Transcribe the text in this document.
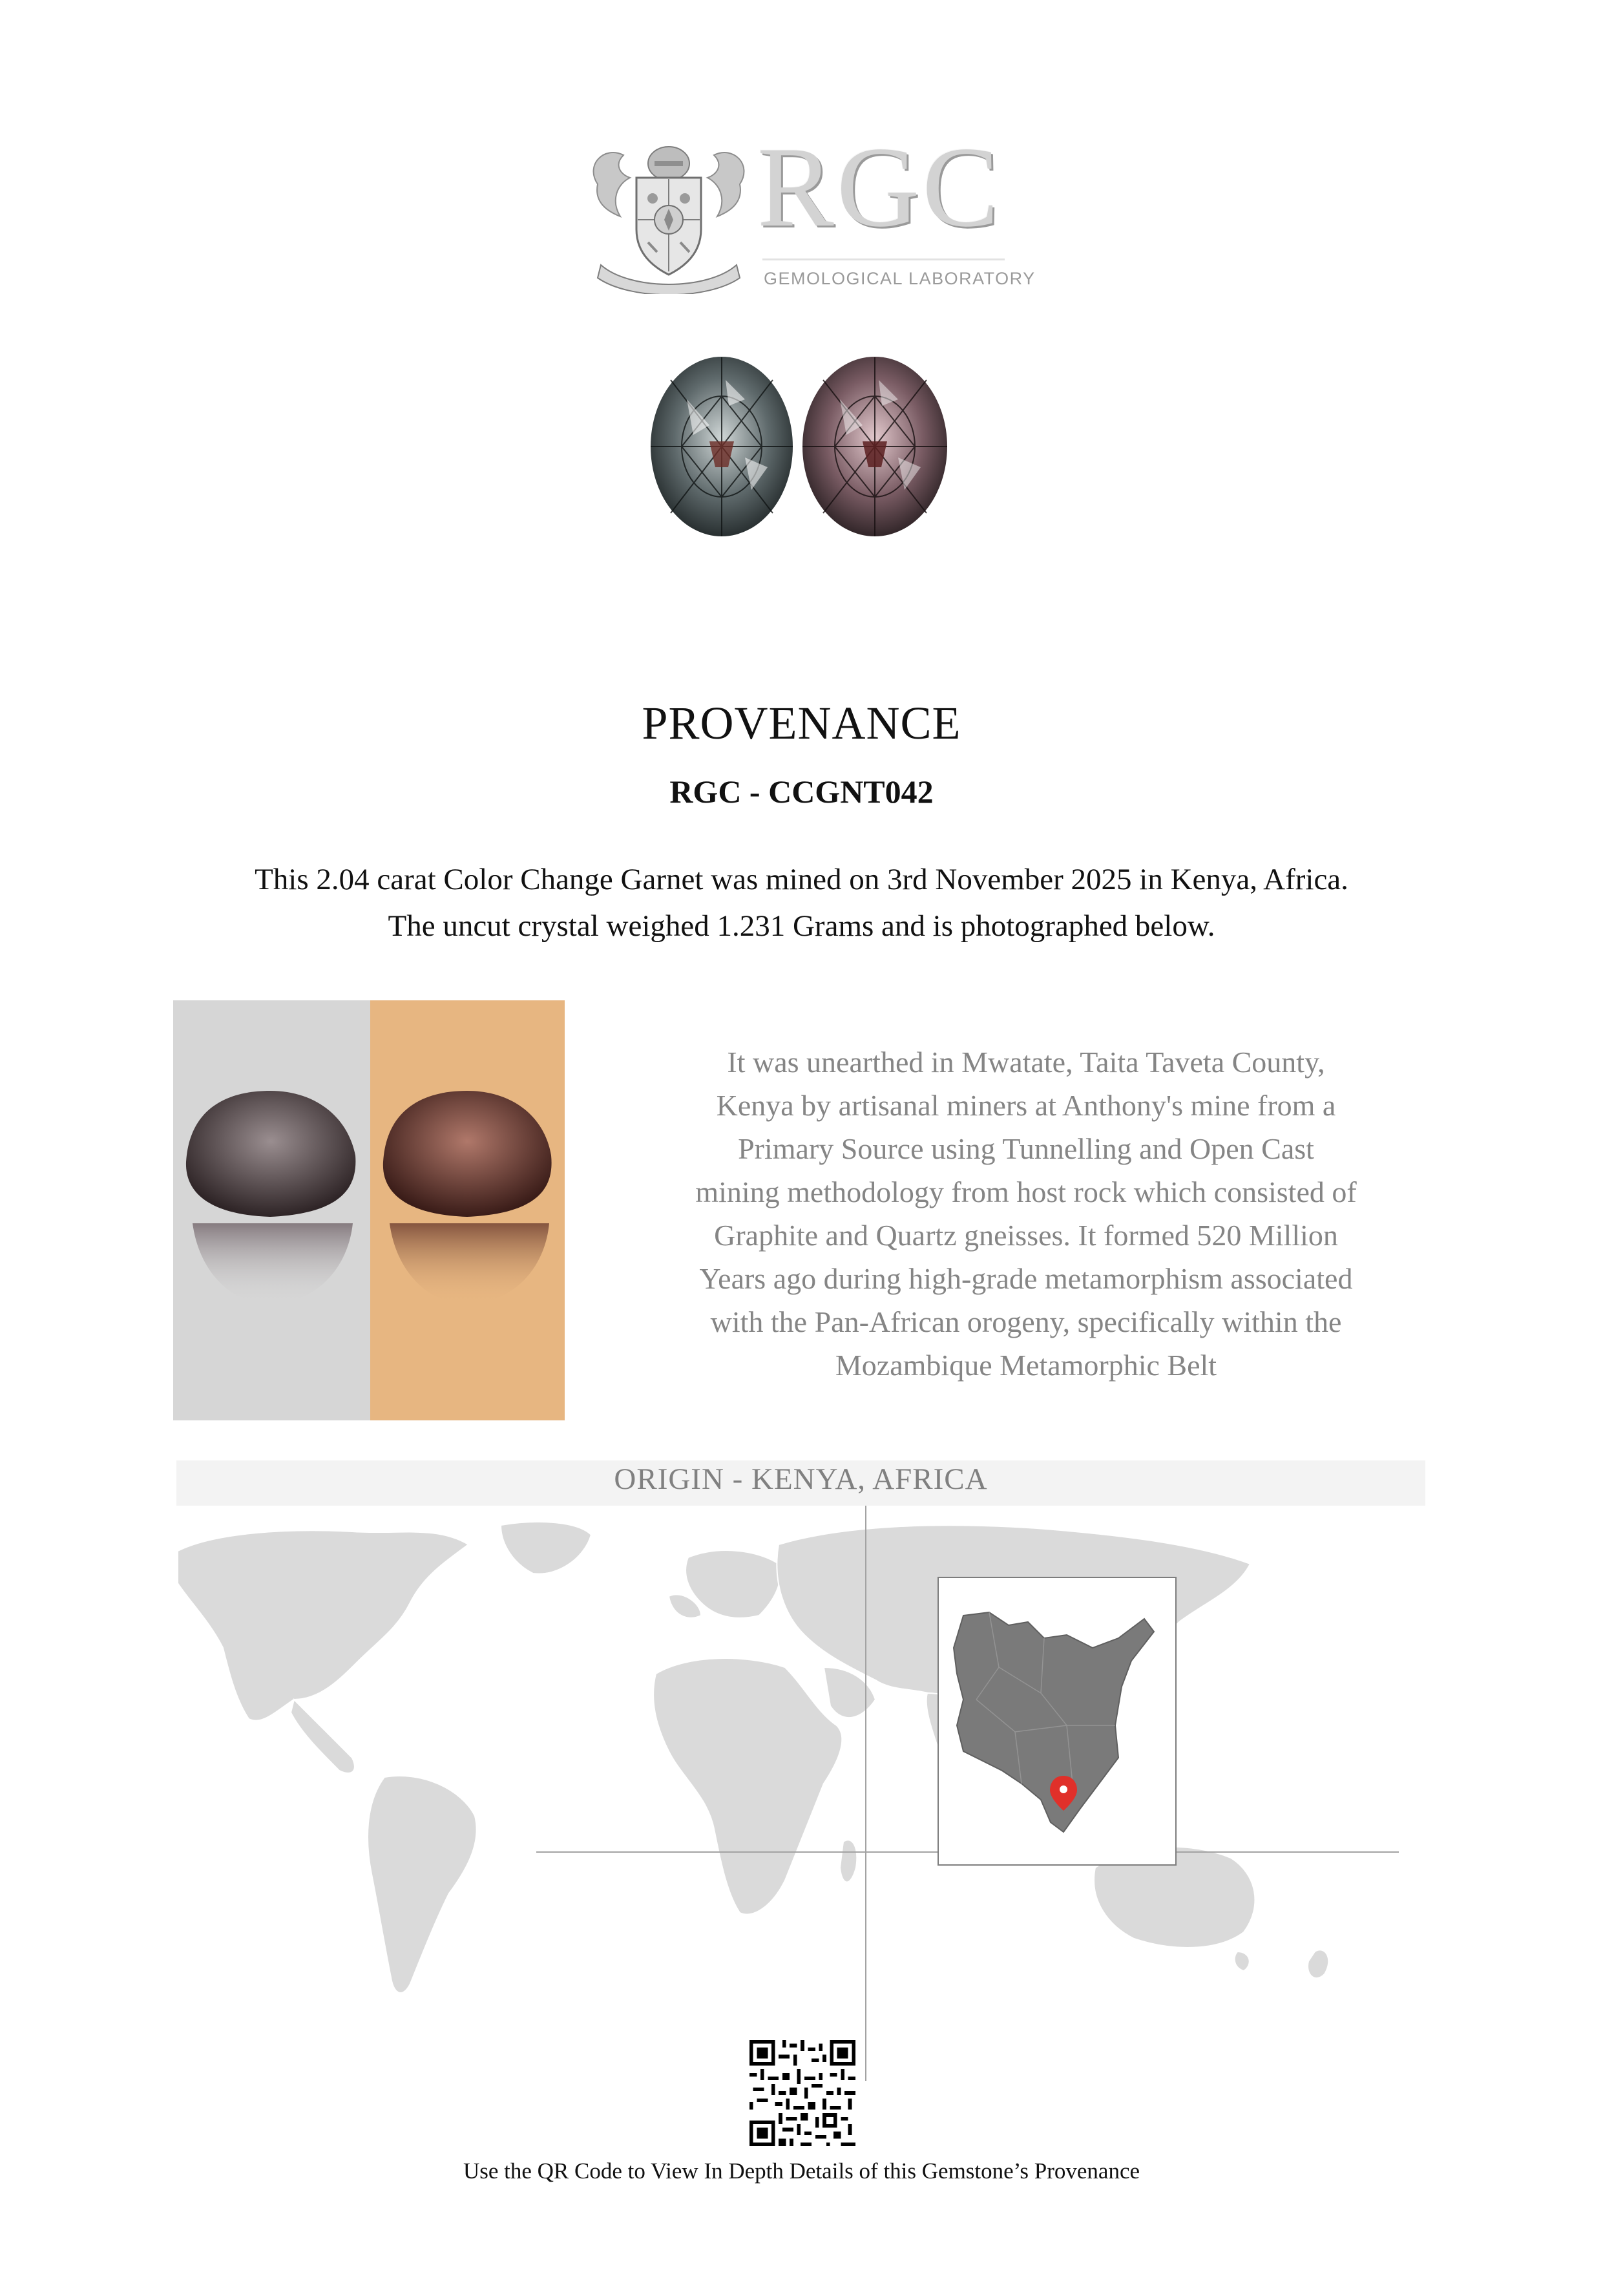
RGC
GEMOLOGICAL LABORATORY
PROVENANCE
RGC - CCGNT042
This 2.04 carat Color Change Garnet was mined on 3rd November 2025 in Kenya, Africa.
The uncut crystal weighed 1.231 Grams and is photographed below.
It was unearthed in Mwatate, Taita Taveta County,
Kenya by artisanal miners at Anthony's mine from a
Primary Source using Tunnelling and Open Cast
mining methodology from host rock which consisted of
Graphite and Quartz gneisses. It formed 520 Million
Years ago during high-grade metamorphism associated
with the Pan-African orogeny, specifically within the
Mozambique Metamorphic Belt
ORIGIN - KENYA, AFRICA
Use the QR Code to View In Depth Details of this Gemstone’s Provenance
